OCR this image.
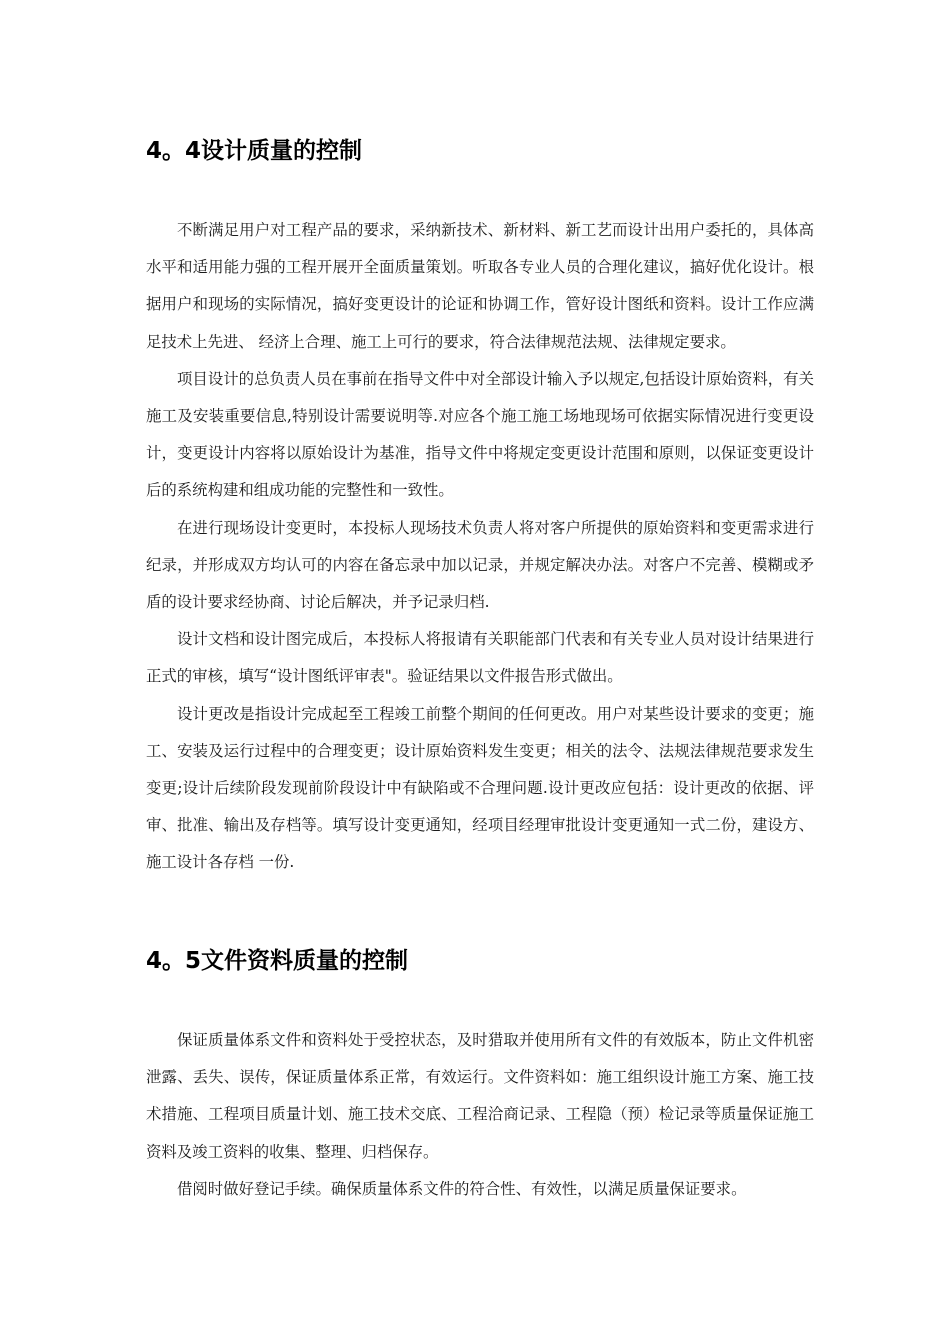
4。4设计质量的控制

不断满足用户对工程产品的要求，采纳新技术、新材料、新工艺而设计出用户委托的，具体高水平和适用能力强的工程开展开全面质量策划。听取各专业人员的合理化建议，搞好优化设计。根据用户和现场的实际情况，搞好变更设计的论证和协调工作，管好设计图纸和资料。设计工作应满足技术上先进、 经济上合理、施工上可行的要求，符合法律规范法规、法律规定要求。

项目设计的总负责人员在事前在指导文件中对全部设计输入予以规定,包括设计原始资料，有关施工及安装重要信息,特别设计需要说明等.对应各个施工施工场地现场可依据实际情况进行变更设计，变更设计内容将以原始设计为基准，指导文件中将规定变更设计范围和原则，以保证变更设计后的系统构建和组成功能的完整性和一致性。

在进行现场设计变更时，本投标人现场技术负责人将对客户所提供的原始资料和变更需求进行纪录，并形成双方均认可的内容在备忘录中加以记录，并规定解决办法。对客户不完善、模糊或矛盾的设计要求经协商、讨论后解决，并予记录归档.

设计文档和设计图完成后，本投标人将报请有关职能部门代表和有关专业人员对设计结果进行正式的审核，填写“设计图纸评审表"。验证结果以文件报告形式做出。

设计更改是指设计完成起至工程竣工前整个期间的任何更改。用户对某些设计要求的变更；施工、安装及运行过程中的合理变更；设计原始资料发生变更；相关的法令、法规法律规范要求发生变更;设计后续阶段发现前阶段设计中有缺陷或不合理问题.设计更改应包括：设计更改的依据、评审、批准、输出及存档等。填写设计变更通知，经项目经理审批设计变更通知一式二份，建设方、施工设计各存档 一份.

4。5文件资料质量的控制

保证质量体系文件和资料处于受控状态，及时猎取并使用所有文件的有效版本，防止文件机密泄露、丢失、误传，保证质量体系正常，有效运行。文件资料如：施工组织设计施工方案、施工技术措施、工程项目质量计划、施工技术交底、工程洽商记录、工程隐（预）检记录等质量保证施工资料及竣工资料的收集、整理、归档保存。

借阅时做好登记手续。确保质量体系文件的符合性、有效性，以满足质量保证要求。
